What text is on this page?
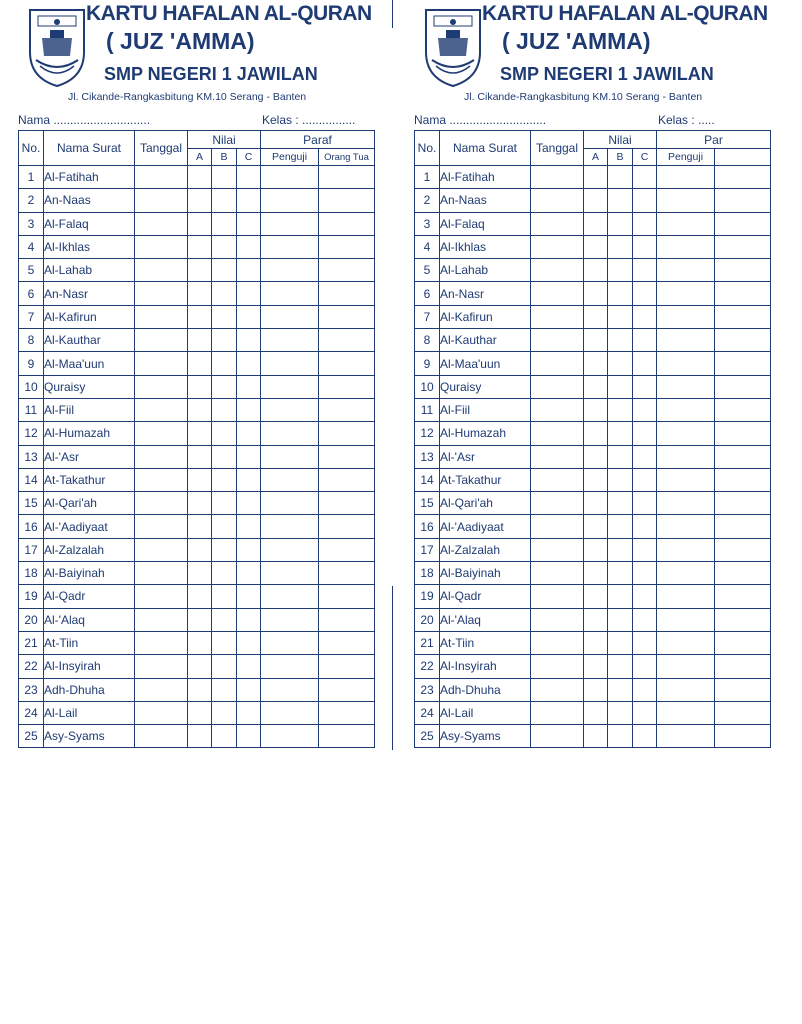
KARTU HAFALAN AL-QURAN
( JUZ 'AMMA)
SMP NEGERI 1 JAWILAN
Jl. Cikande-Rangkasbitung KM.10 Serang - Banten
Nama .............................	Kelas : ................
No.	Nama Surat	Tanggal	Nilai			Paraf	
			A	B	C	Penguji	Orang Tua
1	Al-Fatihah						
2	An-Naas						
3	Al-Falaq						
4	Al-Ikhlas						
5	Al-Lahab						
6	An-Nasr						
7	Al-Kafirun						
8	Al-Kauthar						
9	Al-Maa'uun						
10	Quraisy						
11	Al-Fiil						
12	Al-Humazah						
13	Al-'Asr						
14	At-Takathur						
15	Al-Qari'ah						
16	Al-'Aadiyaat						
17	Al-Zalzalah						
18	Al-Baiyinah						
19	Al-Qadr						
20	Al-'Alaq						
21	At-Tiin						
22	Al-Insyirah						
23	Adh-Dhuha						
24	Al-Lail						
25	Asy-Syams						
KARTU HAFALAN AL-QURAN
( JUZ 'AMMA)
SMP NEGERI 1 JAWILAN
Jl. Cikande-Rangkasbitung KM.10 Serang - Banten
Nama .............................	Kelas : .....
No.	Nama Surat	Tanggal	Nilai			Par	
			A	B	C	Penguji	
1	Al-Fatihah						
2	An-Naas						
3	Al-Falaq						
4	Al-Ikhlas						
5	Al-Lahab						
6	An-Nasr						
7	Al-Kafirun						
8	Al-Kauthar						
9	Al-Maa'uun						
10	Quraisy						
11	Al-Fiil						
12	Al-Humazah						
13	Al-'Asr						
14	At-Takathur						
15	Al-Qari'ah						
16	Al-'Aadiyaat						
17	Al-Zalzalah						
18	Al-Baiyinah						
19	Al-Qadr						
20	Al-'Alaq						
21	At-Tiin						
22	Al-Insyirah						
23	Adh-Dhuha						
24	Al-Lail						
25	Asy-Syams						
